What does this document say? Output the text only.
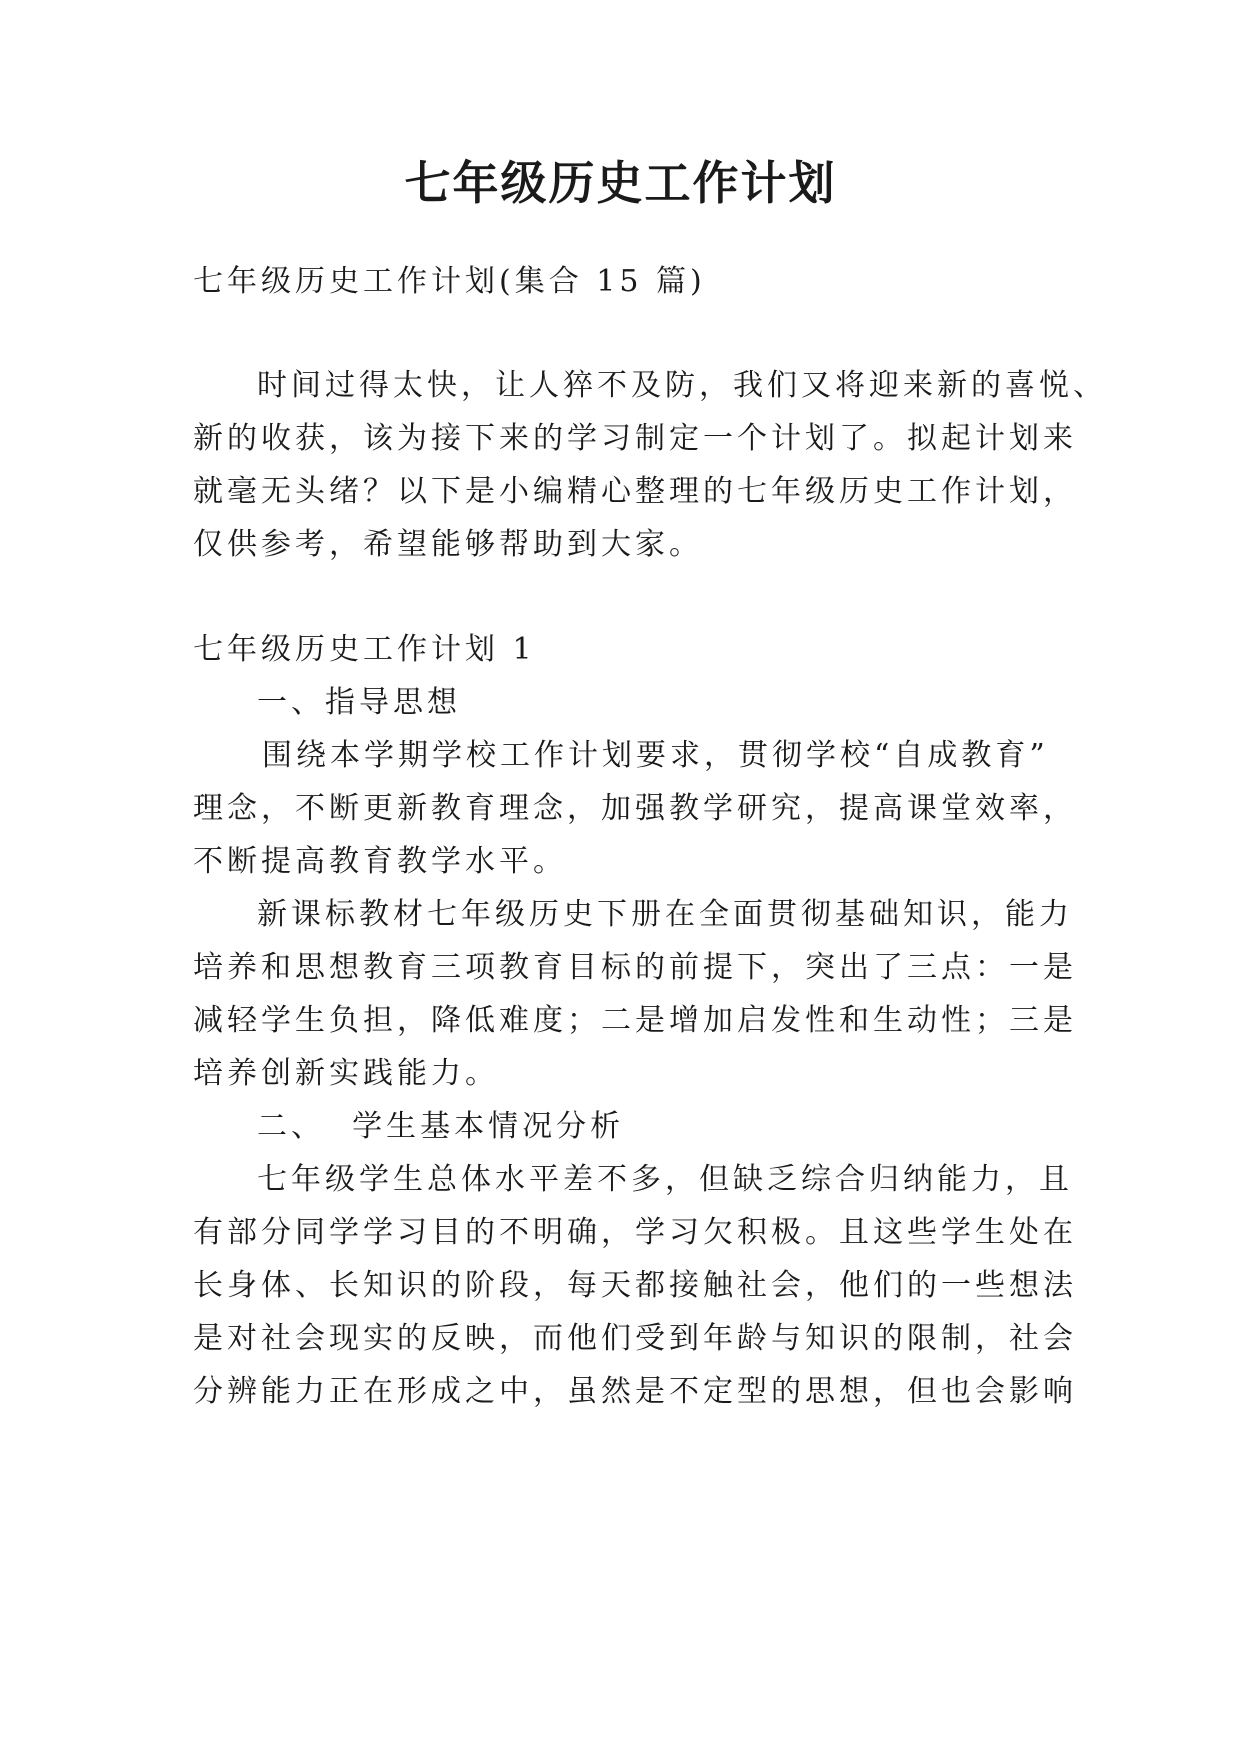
七年级历史工作计划
七年级历史工作计划(集合 15 篇)
时间过得太快，让人猝不及防，我们又将迎来新的喜悦、
新的收获，该为接下来的学习制定一个计划了。拟起计划来
就毫无头绪？以下是小编精心整理的七年级历史工作计划，
仅供参考，希望能够帮助到大家。
七年级历史工作计划 1
一、指导思想
围绕本学期学校工作计划要求，贯彻学校“自成教育”
理念，不断更新教育理念，加强教学研究，提高课堂效率，
不断提高教育教学水平。
新课标教材七年级历史下册在全面贯彻基础知识，能力
培养和思想教育三项教育目标的前提下，突出了三点：一是
减轻学生负担，降低难度；二是增加启发性和生动性；三是
培养创新实践能力。
二、  学生基本情况分析
七年级学生总体水平差不多，但缺乏综合归纳能力，且
有部分同学学习目的不明确，学习欠积极。且这些学生处在
长身体、长知识的阶段，每天都接触社会，他们的一些想法
是对社会现实的反映，而他们受到年龄与知识的限制，社会
分辨能力正在形成之中，虽然是不定型的思想，但也会影响
